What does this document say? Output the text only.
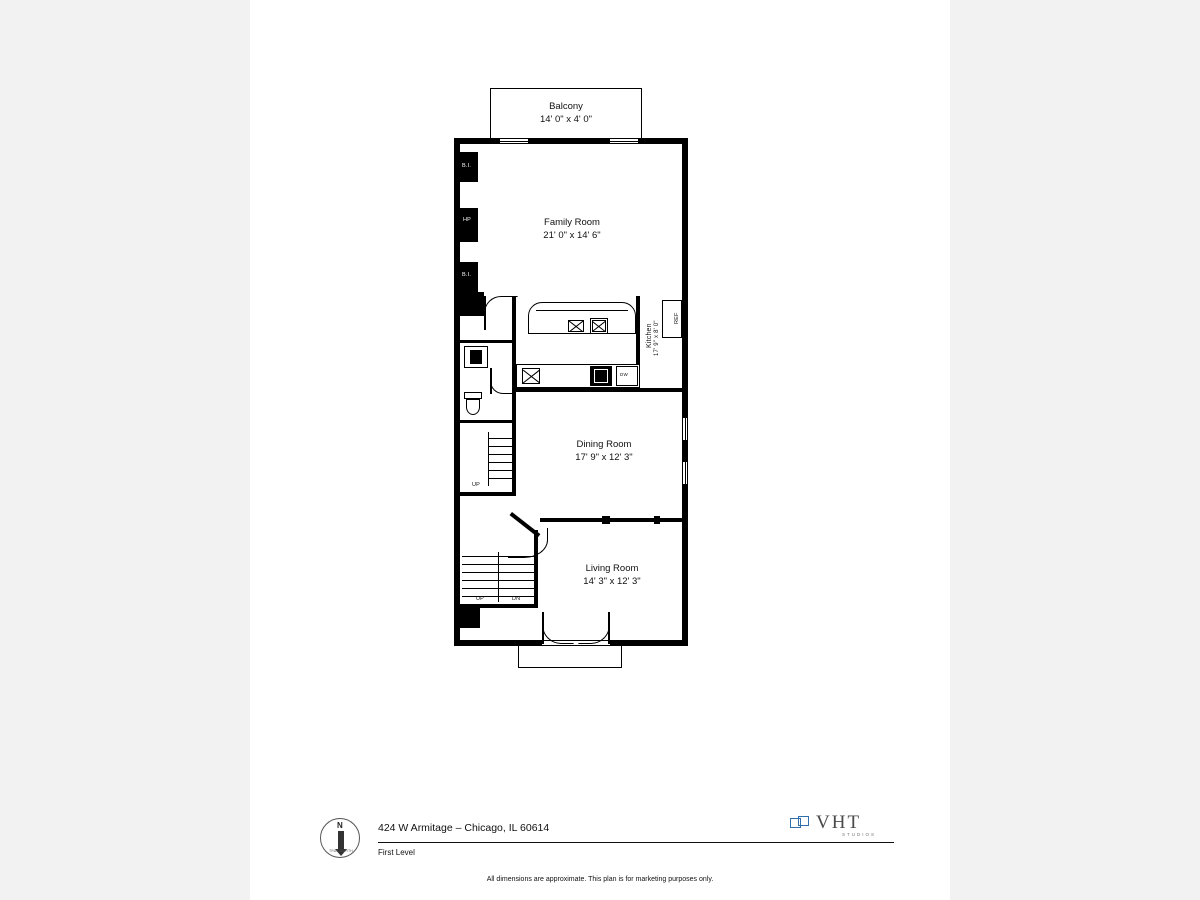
Balcony
14' 0" x 4' 0"
B.I.
HP
B.I.
Family Room
21' 0" x 14' 6"
Kitchen 17' 9" x 8' 0"
REF
DW
UP
Dining Room
17' 9" x 12' 3"
UP	DN
Living Room
14' 3" x 12' 3"
N
TRUE NORTH
424 W Armitage – Chicago, IL 60614
First Level
VHT
STUDIOS
All dimensions are approximate. This plan is for marketing purposes only.
